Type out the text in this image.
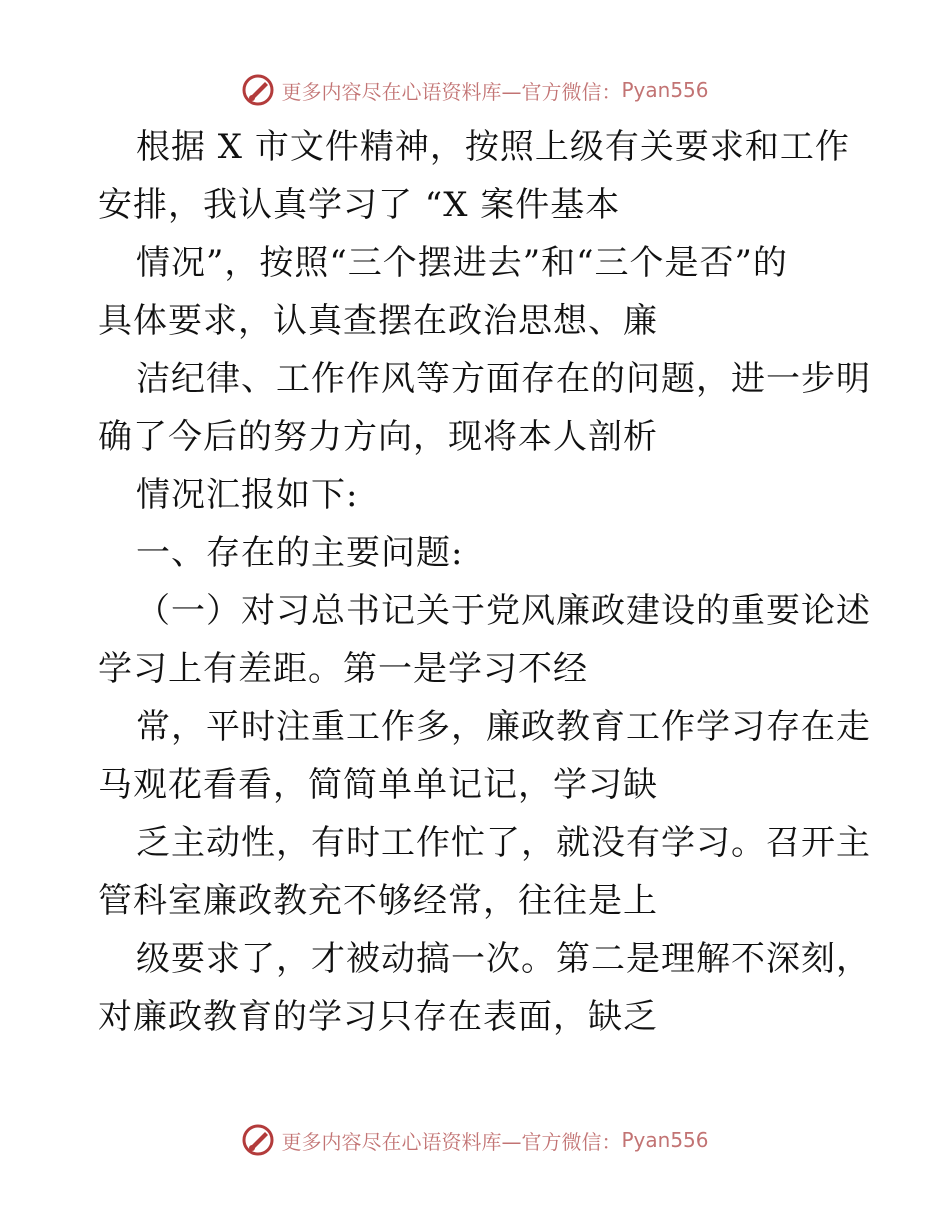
更多内容尽在心语资料库—官方微信： Pyan556
根据 X 市文件精神，按照上级有关要求和工作
安排，我认真学习了 “X 案件基本
情况”，按照“三个摆进去”和“三个是否”的
具体要求，认真查摆在政治思想、廉
洁纪律、工作作风等方面存在的问题，进一步明
确了今后的努力方向，现将本人剖析
情况汇报如下:
一、存在的主要问题:
（一）对习总书记关于党风廉政建设的重要论述
学习上有差距。第一是学习不经
常，平时注重工作多，廉政教育工作学习存在走
马观花看看，简简单单记记，学习缺
乏主动性，有时工作忙了，就没有学习。召开主
管科室廉政教充不够经常，往往是上
级要求了，才被动搞一次。第二是理解不深刻，
对廉政教育的学习只存在表面，缺乏
更多内容尽在心语资料库—官方微信： Pyan556
